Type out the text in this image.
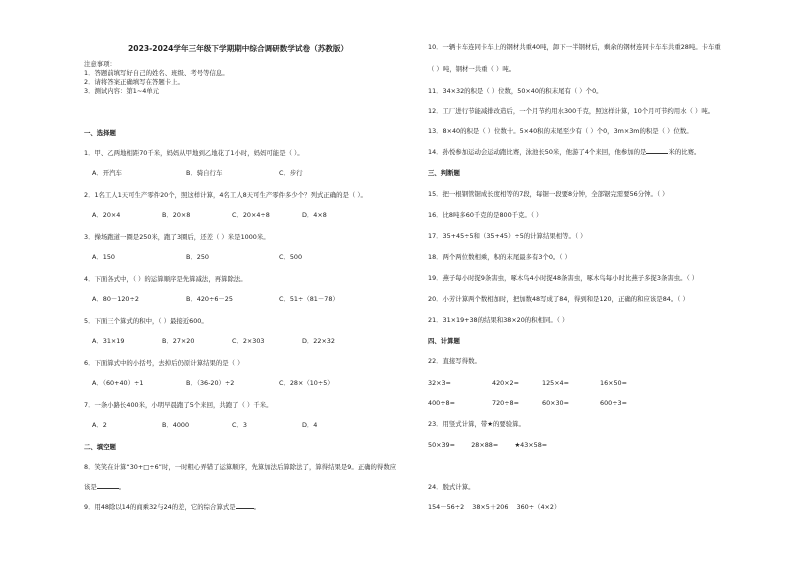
2023-2024学年三年级下学期期中综合调研数学试卷（苏教版）
注意事项：
1．答题前填写好自己的姓名、班级、考号等信息。
2．请将答案正确填写在答题卡上。
3．测试内容：第1~4单元
一、选择题
1．甲、乙两地相距70千米，妈妈从甲地到乙地花了1小时，妈妈可能是（ ）。
A．开汽车	B．骑自行车	C．步行
2．1名工人1天可生产零件20个，照这样计算，4名工人8天可生产零件多少个？列式正确的是（ ）。
A．20×4	B．20×8	C．20×4÷8	D．4×8
3．操场跑道一圈是250米，跑了3圈后，还差（ ）米是1000米。
A．150	B．250	C．500
4．下面各式中，（ ）的运算顺序是先算减法，再算除法。
A．80－120÷2	B．420÷6－25	C．51÷（81－78）
5．下面三个算式的积中，（ ）最接近600。
A．31×19	B．27×20	C．2×303	D．22×32
6．下面算式中的小括号，去掉后仍原计算结果的是（ ）
A．（60+40）÷1	B．（36-20）÷2	C．28×（10÷5）
7．一条小路长400米，小明早晨跑了5个来回，共跑了（ ）千米。
A．2	B．4000	C．3	D．4
二、填空题
8．笑笑在计算“30+□÷6”时，一时粗心弄错了运算顺序，先算加法后算除法了，算得结果是9。正确的得数应
该是	。
9．用48除以14的商乘32与24的差，它的综合算式是	。
10．一辆卡车连同卡车上的钢材共重40吨，卸下一半钢材后，剩余的钢材连同卡车车共重28吨。卡车重
（ ）吨，钢材一共重（ ）吨。
11．34×32的积是（ ）位数，50×40的积末尾有（ ）个0。
12．工厂进行节能减排改造后，一个月节约用水300千克，照这样计算，10个月可节约用水（ ）吨。
13．8×40的积是（ ）位数十。5×40积的末尾至少有（ ）个0，3m×3m的积是（ ）位数。
14．孙悦参加运动会运动跑比赛，泳池长50米，他游了4个来回，他参加的是	米的比赛。
三、判断题
15．把一根钢管锯成长度相等的7段，每锯一段要8分钟，全部锯完需要56分钟。（ ）
16．比8吨多60千克的是800千克。（ ）
17．35+45÷5和（35+45）÷5的计算结果相等。（ ）
18．两个两位数相乘，积的末尾最多有3个0。（ ）
19．燕子每小时捉9条害虫，啄木鸟4小时捉48条害虫，啄木鸟每小时比燕子多捉3条害虫。（ ）
20．小芳计算两个数相加时，把加数48写成了84，得到和是120，正确的和应该是84。（ ）
21．31×19+38的结果和38×20的积相同。（ ）
四、计算题
22．直接写得数。
32×3=	420×2=	125×4=	16×50=
400÷8=	720÷8=	60×30=	600÷3=
23．用竖式计算，带★的要验算。
50×39=        28×88=        ★43×58=
24．脱式计算。
154－56÷2    38×5＋206    360÷（4×2）
